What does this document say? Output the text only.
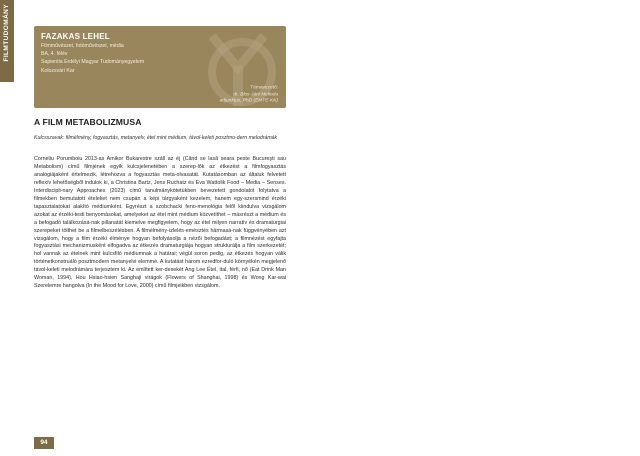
FILMTUDOMÁNY	FAZAKAS LEHEL
Filmművészet, fotóművészet, média
BA, 4. félév
Sapientia Erdélyi Magyar Tudományegyetem
Kolozsvári Kar
Témavezető:
dr. Blos-Jáni Melinda
adjunktus, PhD (EMTE-KK)
A FILM METABOLIZMUSA
Kulcsszavak: filmélmény, fogyasztás, metanyelv, étel mint médium, távol-keleti posztmo-dern melodrámák
Corneliu Porumboiu 2013-as Amikor Bukarestre száll az éj (Când se lasă seara peste Bucureşti sau Metabolism) című filmjének egyik kulcsjelenetében a szerep-lők az étkezést a filmfogyasztás analógiájaként értelmezik, létrehozva a fogyasztás meta-olvasatát. Kutatásomban az általuk felvetett reflexív lehetőségből indulok ki, a Christina Bartz, Jens Ruchatz és Eva Wattolik Food – Media – Senses. Interdiscipli-nary Approaches (2023) című tanulmánykötetükben bevezetett gondolatot folytatva a filmekben bemutatott ételeket nem csupán a képi tárgyaként kezelem, hanem egy-szersmind érzéki tapasztalatokat alakító médiumként. Egyrészt a szobchacki feno-menológia felől kiindulva vizsgálom azokat az érzéki-testi benyomásokat, amelyeket az étel mint médium közvetíthet – másrészt a médium és a befogadó találkozásá-nak pillanatát kiemelve megfigyelem, hogy az étel milyen narratív és dramaturgiai szerepeket tölthet be a filmelbeszélésben. A filmélmény-ízlelés-emésztés hármasá-nak függvényében azt vizsgálom, hogy a film érzéki élménye hogyan befolyásolja a nézői befogadást; a filmnézést egyfajta fogyasztási mechanizmusként elfogadva az étkezés dramaturgiája hogyan strukturálja a film szerkezetét; hol vannak az ételnek mint kulcsfiló médiumnak a határai; végül soron pedig, az étkezés hogyan válik történetkonstruáló posztmodern metanyelvi elemmé. A kutatást három ezredfor-duló környékén megjelenő távol-keleti melodrámára terjesztem ki. Az említett ker-desekét Ang Lee Étel, ital, férfi, nő (Eat Drink Man Woman, 1994), Hou Hsiao-hsien Sanghaji virágok (Flowers of Shanghai, 1998) és Wong Kar-wai Szerelemre hangolva (In the Mood for Love, 2000) című filmjeikben vizsgálom.
94
